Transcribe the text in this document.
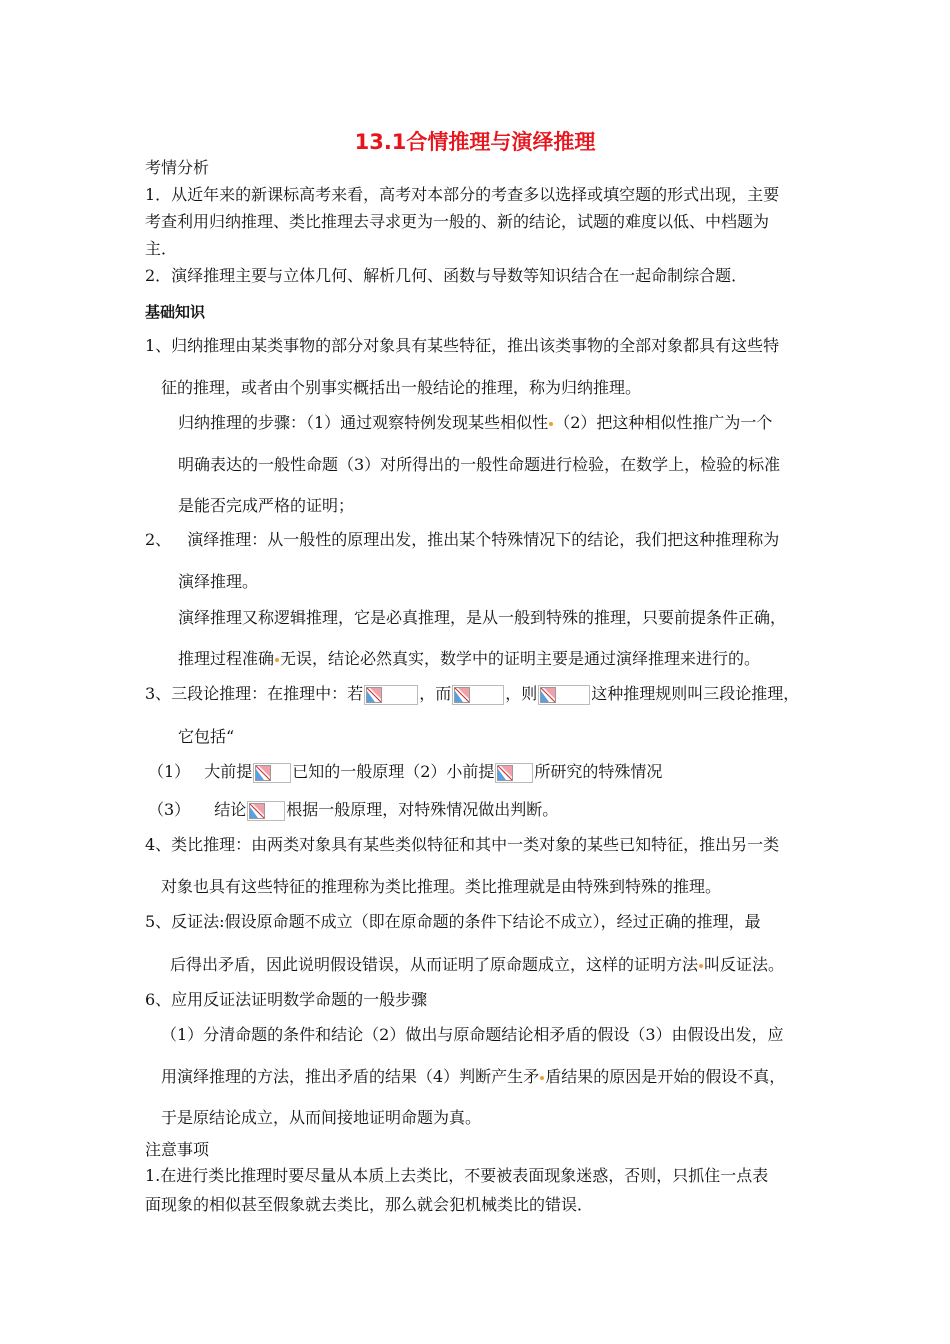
13.1合情推理与演绎推理
考情分析
1．从近年来的新课标高考来看，高考对本部分的考查多以选择或填空题的形式出现，主要
考查利用归纳推理、类比推理去寻求更为一般的、新的结论，试题的难度以低、中档题为
主．
2．演绎推理主要与立体几何、解析几何、函数与导数等知识结合在一起命制综合题．
基础知识
1、归纳推理由某类事物的部分对象具有某些特征，推出该类事物的全部对象都具有这些特
征的推理，或者由个别事实概括出一般结论的推理，称为归纳推理。
归纳推理的步骤：（1）通过观察特例发现某些相似性 （2）把这种相似性推广为一个
明确表达的一般性命题（3）对所得出的一般性命题进行检验，在数学上，检验的标准
是能否完成严格的证明；
2、 演绎推理：从一般性的原理出发，推出某个特殊情况下的结论，我们把这种推理称为
演绎推理。
演绎推理又称逻辑推理，它是必真推理，是从一般到特殊的推理，只要前提条件正确，
推理过程准确 无误，结论必然真实，数学中的证明主要是通过演绎推理来进行的。
3、三段论推理：在推理中：若	，而	，则	这种推理规则叫三段论推理，
它包括“
（1） 大前提	已知的一般原理（2）小前提	所研究的特殊情况
（3） 结论	根据一般原理，对特殊情况做出判断。
4、类比推理：由两类对象具有某些类似特征和其中一类对象的某些已知特征，推出另一类
对象也具有这些特征的推理称为类比推理。类比推理就是由特殊到特殊的推理。
5、反证法:假设原命题不成立（即在原命题的条件下结论不成立），经过正确的推理，最
后得出矛盾，因此说明假设错误，从而证明了原命题成立，这样的证明方法 叫反证法。
6、应用反证法证明数学命题的一般步骤
（1）分清命题的条件和结论（2）做出与原命题结论相矛盾的假设（3）由假设出发，应
用演绎推理的方法，推出矛盾的结果（4）判断产生矛 盾结果的原因是开始的假设不真，
于是原结论成立，从而间接地证明命题为真。
注意事项
1.在进行类比推理时要尽量从本质上去类比，不要被表面现象迷惑，否则，只抓住一点表
面现象的相似甚至假象就去类比，那么就会犯机械类比的错误．
